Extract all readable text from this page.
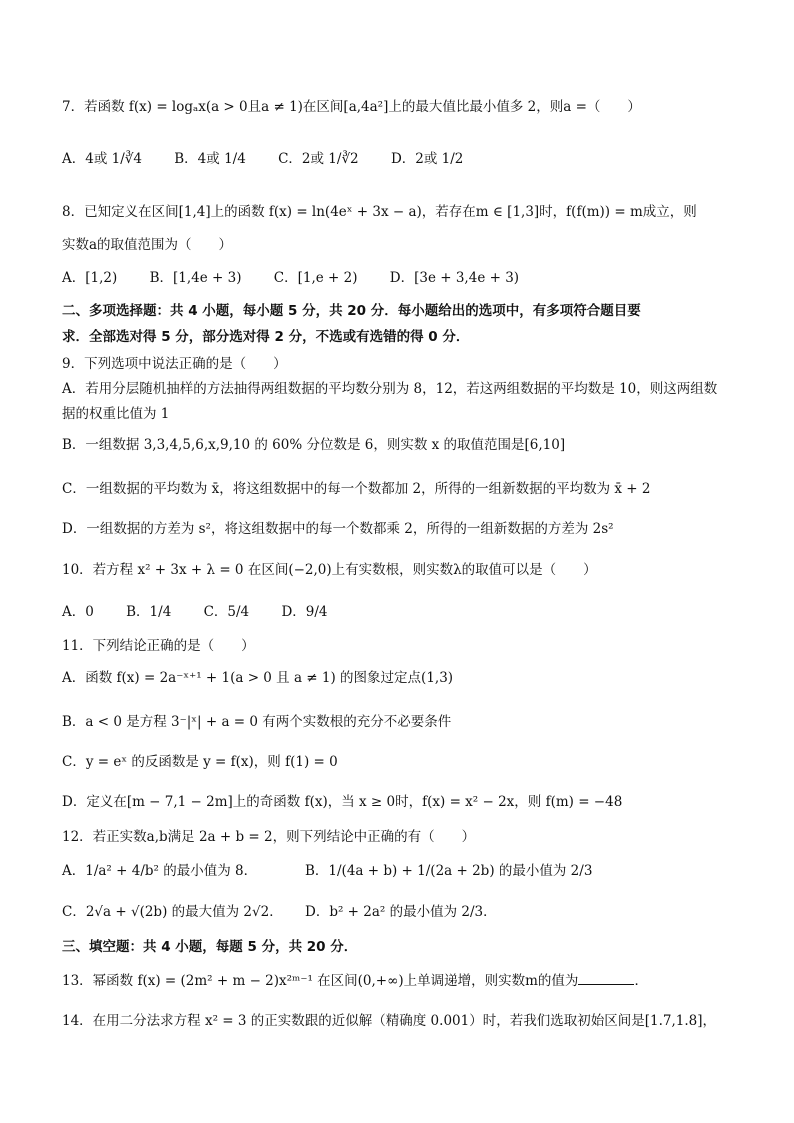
7．若函数 f(x) = logₐx(a > 0且a ≠ 1)在区间[a,4a²]上的最大值比最小值多 2，则a =（　　）
A．4或 1/∛4 B．4或 1/4 C．2或 1/∛2 D．2或 1/2
8．已知定义在区间[1,4]上的函数 f(x) = ln(4eˣ + 3x − a)，若存在m ∈ [1,3]时，f(f(m)) = m成立，则
实数a的取值范围为（　　）
A．[1,2) B．[1,4e + 3) C．[1,e + 2) D．[3e + 3,4e + 3)
二、多项选择题：共 4 小题，每小题 5 分，共 20 分．每小题给出的选项中，有多项符合题目要
求．全部选对得 5 分，部分选对得 2 分，不选或有选错的得 0 分．
9．下列选项中说法正确的是（　　）
A．若用分层随机抽样的方法抽得两组数据的平均数分别为 8，12，若这两组数据的平均数是 10，则这两组数
据的权重比值为 1
B．一组数据 3,3,4,5,6,x,9,10 的 60% 分位数是 6，则实数 x 的取值范围是[6,10]
C．一组数据的平均数为 x̄，将这组数据中的每一个数都加 2，所得的一组新数据的平均数为 x̄ + 2
D．一组数据的方差为 s²，将这组数据中的每一个数都乘 2，所得的一组新数据的方差为 2s²
10．若方程 x² + 3x + λ = 0 在区间(−2,0)上有实数根，则实数λ的取值可以是（　　）
A．0 B．1/4 C．5/4 D．9/4
11．下列结论正确的是（　　）
A．函数 f(x) = 2a⁻ˣ⁺¹ + 1(a > 0 且 a ≠ 1) 的图象过定点(1,3)
B．a < 0 是方程 3⁻|ˣ| + a = 0 有两个实数根的充分不必要条件
C．y = eˣ 的反函数是 y = f(x)，则 f(1) = 0
D．定义在[m − 7,1 − 2m]上的奇函数 f(x)，当 x ≥ 0时，f(x) = x² − 2x，则 f(m) = −48
12．若正实数a,b满足 2a + b = 2，则下列结论中正确的有（　　）
A．1/a² + 4/b² 的最小值为 8．	B．1/(4a + b) + 1/(2a + 2b) 的最小值为 2/3
C．2√a + √(2b) 的最大值为 2√2． D．b² + 2a² 的最小值为 2/3．
三、填空题：共 4 小题，每题 5 分，共 20 分．
13．幂函数 f(x) = (2m² + m − 2)x²ᵐ⁻¹ 在区间(0,+∞)上单调递增，则实数m的值为	．
14．在用二分法求方程 x² = 3 的正实数跟的近似解（精确度 0.001）时，若我们选取初始区间是[1.7,1.8]，
